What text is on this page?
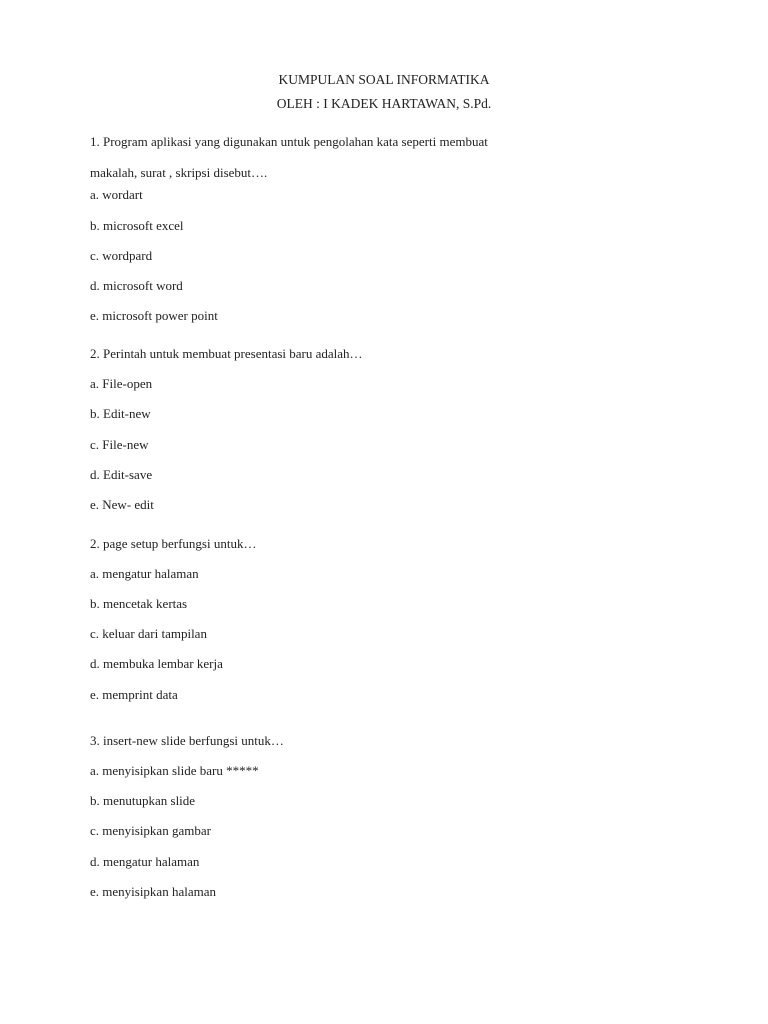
KUMPULAN SOAL INFORMATIKA
OLEH : I KADEK HARTAWAN, S.Pd.
1. Program aplikasi yang digunakan untuk pengolahan kata seperti membuat
makalah, surat , skripsi disebut….
a. wordart
b. microsoft excel
c. wordpard
d. microsoft word
e. microsoft power point
2. Perintah untuk membuat presentasi baru adalah…
a. File-open
b. Edit-new
c. File-new
d. Edit-save
e. New- edit
2. page setup berfungsi untuk…
a. mengatur halaman
b. mencetak kertas
c. keluar dari tampilan
d. membuka lembar kerja
e. memprint data
3. insert-new slide berfungsi untuk…
a. menyisipkan slide baru *****
b. menutupkan slide
c. menyisipkan gambar
d. mengatur halaman
e. menyisipkan halaman
